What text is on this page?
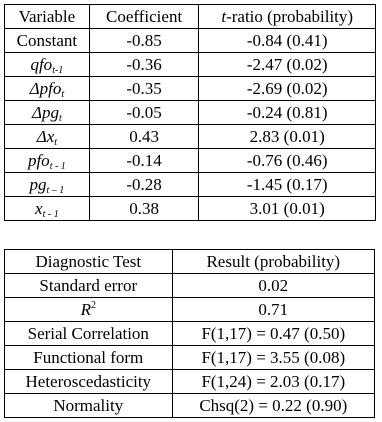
Variable	Coefficient	t-ratio (probability)
Constant	-0.85	-0.84 (0.41)
qfo$_{t-1}$	-0.36	-2.47 (0.02)
Δpfo$_t$	-0.35	-2.69 (0.02)
Δpg$_t$	-0.05	-0.24 (0.81)
$\Delta x_t$	0.43	2.83 (0.01)
pfo$_{t - 1}$	-0.14	-0.76 (0.46)
$pg_{t - 1}$	-0.28	-1.45 (0.17)
$x_{t - 1}$	0.38	3.01 (0.01)
Diagnostic Test	Result (probability)
Standard error	0.02
$R^2$	0.71
Serial Correlation	F(1,17) = 0.47 (0.50)
Functional form	F(1,17) = 3.55 (0.08)
Heteroscedasticity	F(1,24) = 2.03 (0.17)
Normality	Chsq(2) = 0.22 (0.90)
